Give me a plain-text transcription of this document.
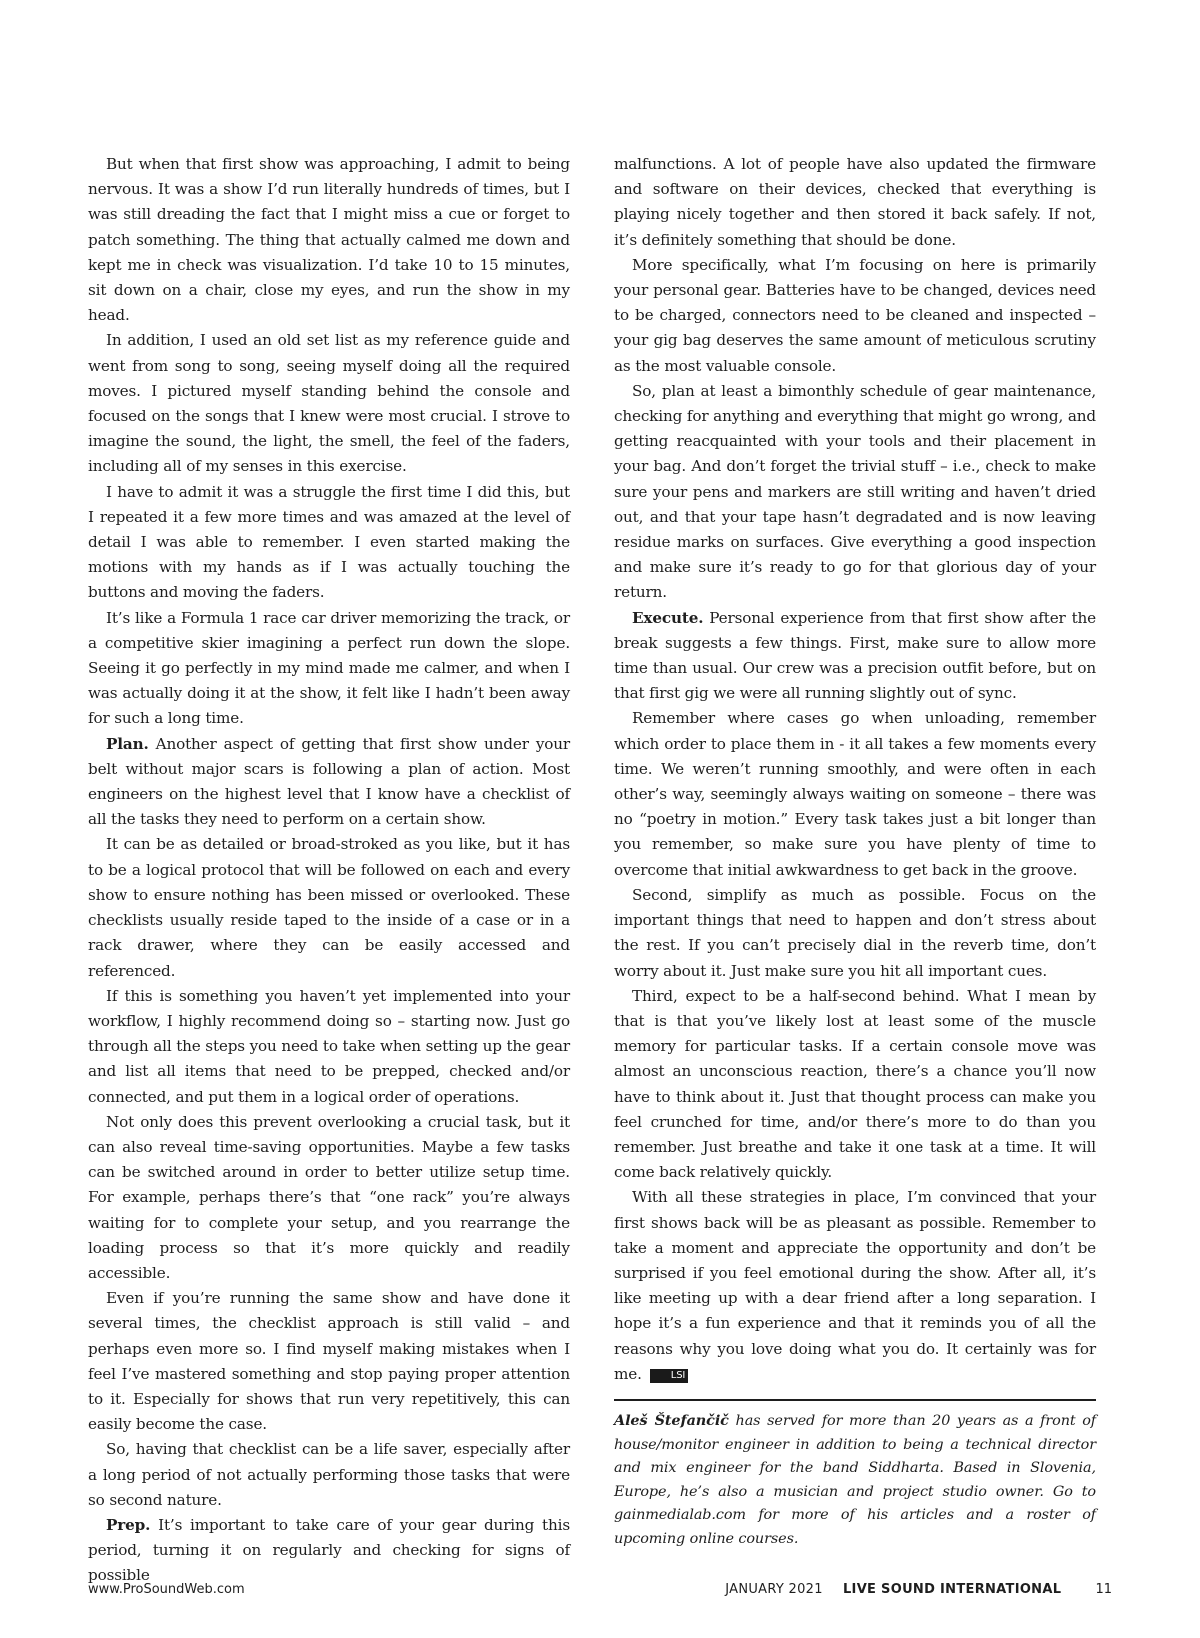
But when that first show was approaching, I admit to being nervous. It was a show I’d run literally hundreds of times, but I was still dreading the fact that I might miss a cue or forget to patch something. The thing that actually calmed me down and kept me in check was visualization. I’d take 10 to 15 minutes, sit down on a chair, close my eyes, and run the show in my head.

In addition, I used an old set list as my reference guide and went from song to song, seeing myself doing all the required moves. I pictured myself standing behind the console and focused on the songs that I knew were most crucial. I strove to imagine the sound, the light, the smell, the feel of the faders, including all of my senses in this exercise.

I have to admit it was a struggle the first time I did this, but I repeated it a few more times and was amazed at the level of detail I was able to remember. I even started making the motions with my hands as if I was actually touching the buttons and moving the faders.

It’s like a Formula 1 race car driver memorizing the track, or a competitive skier imagining a perfect run down the slope. Seeing it go perfectly in my mind made me calmer, and when I was actually doing it at the show, it felt like I hadn’t been away for such a long time.

Plan. Another aspect of getting that first show under your belt without major scars is following a plan of action. Most engineers on the highest level that I know have a checklist of all the tasks they need to perform on a certain show.

It can be as detailed or broad-stroked as you like, but it has to be a logical protocol that will be followed on each and every show to ensure nothing has been missed or overlooked. These checklists usually reside taped to the inside of a case or in a rack drawer, where they can be easily accessed and referenced.

If this is something you haven’t yet implemented into your workflow, I highly recommend doing so – starting now. Just go through all the steps you need to take when setting up the gear and list all items that need to be prepped, checked and/or connected, and put them in a logical order of operations.

Not only does this prevent overlooking a crucial task, but it can also reveal time-saving opportunities. Maybe a few tasks can be switched around in order to better utilize setup time. For example, perhaps there’s that “one rack” you’re always waiting for to complete your setup, and you rearrange the loading process so that it’s more quickly and readily accessible.

Even if you’re running the same show and have done it several times, the checklist approach is still valid – and perhaps even more so. I find myself making mistakes when I feel I’ve mastered something and stop paying proper attention to it. Especially for shows that run very repetitively, this can easily become the case.

So, having that checklist can be a life saver, especially after a long period of not actually performing those tasks that were so second nature.

Prep. It’s important to take care of your gear during this period, turning it on regularly and checking for signs of possible

malfunctions. A lot of people have also updated the firmware and software on their devices, checked that everything is playing nicely together and then stored it back safely. If not, it’s definitely something that should be done.

More specifically, what I’m focusing on here is primarily your personal gear. Batteries have to be changed, devices need to be charged, connectors need to be cleaned and inspected – your gig bag deserves the same amount of meticulous scrutiny as the most valuable console.

So, plan at least a bimonthly schedule of gear maintenance, checking for anything and everything that might go wrong, and getting reacquainted with your tools and their placement in your bag. And don’t forget the trivial stuff – i.e., check to make sure your pens and markers are still writing and haven’t dried out, and that your tape hasn’t degradated and is now leaving residue marks on surfaces. Give everything a good inspection and make sure it’s ready to go for that glorious day of your return.

Execute. Personal experience from that first show after the break suggests a few things. First, make sure to allow more time than usual. Our crew was a precision outfit before, but on that first gig we were all running slightly out of sync.

Remember where cases go when unloading, remember which order to place them in - it all takes a few moments every time. We weren’t running smoothly, and were often in each other’s way, seemingly always waiting on someone – there was no “poetry in motion.” Every task takes just a bit longer than you remember, so make sure you have plenty of time to overcome that initial awkwardness to get back in the groove.

Second, simplify as much as possible. Focus on the important things that need to happen and don’t stress about the rest. If you can’t precisely dial in the reverb time, don’t worry about it. Just make sure you hit all important cues.

Third, expect to be a half-second behind. What I mean by that is that you’ve likely lost at least some of the muscle memory for particular tasks. If a certain console move was almost an unconscious reaction, there’s a chance you’ll now have to think about it. Just that thought process can make you feel crunched for time, and/or there’s more to do than you remember. Just breathe and take it one task at a time. It will come back relatively quickly.

With all these strategies in place, I’m convinced that your first shows back will be as pleasant as possible. Remember to take a moment and appreciate the opportunity and don’t be surprised if you feel emotional during the show. After all, it’s like meeting up with a dear friend after a long separation. I hope it’s a fun experience and that it reminds you of all the reasons why you love doing what you do. It certainly was for me.	LSI

Aleš Štefančič has served for more than 20 years as a front of house/monitor engineer in addition to being a technical director and mix engineer for the band Siddharta. Based in Slovenia, Europe, he’s also a musician and project studio owner. Go to gainmedialab.com for more of his articles and a roster of upcoming online courses.

www.ProSoundWeb.com	JANUARY 2021 LIVE SOUND INTERNATIONAL	11
